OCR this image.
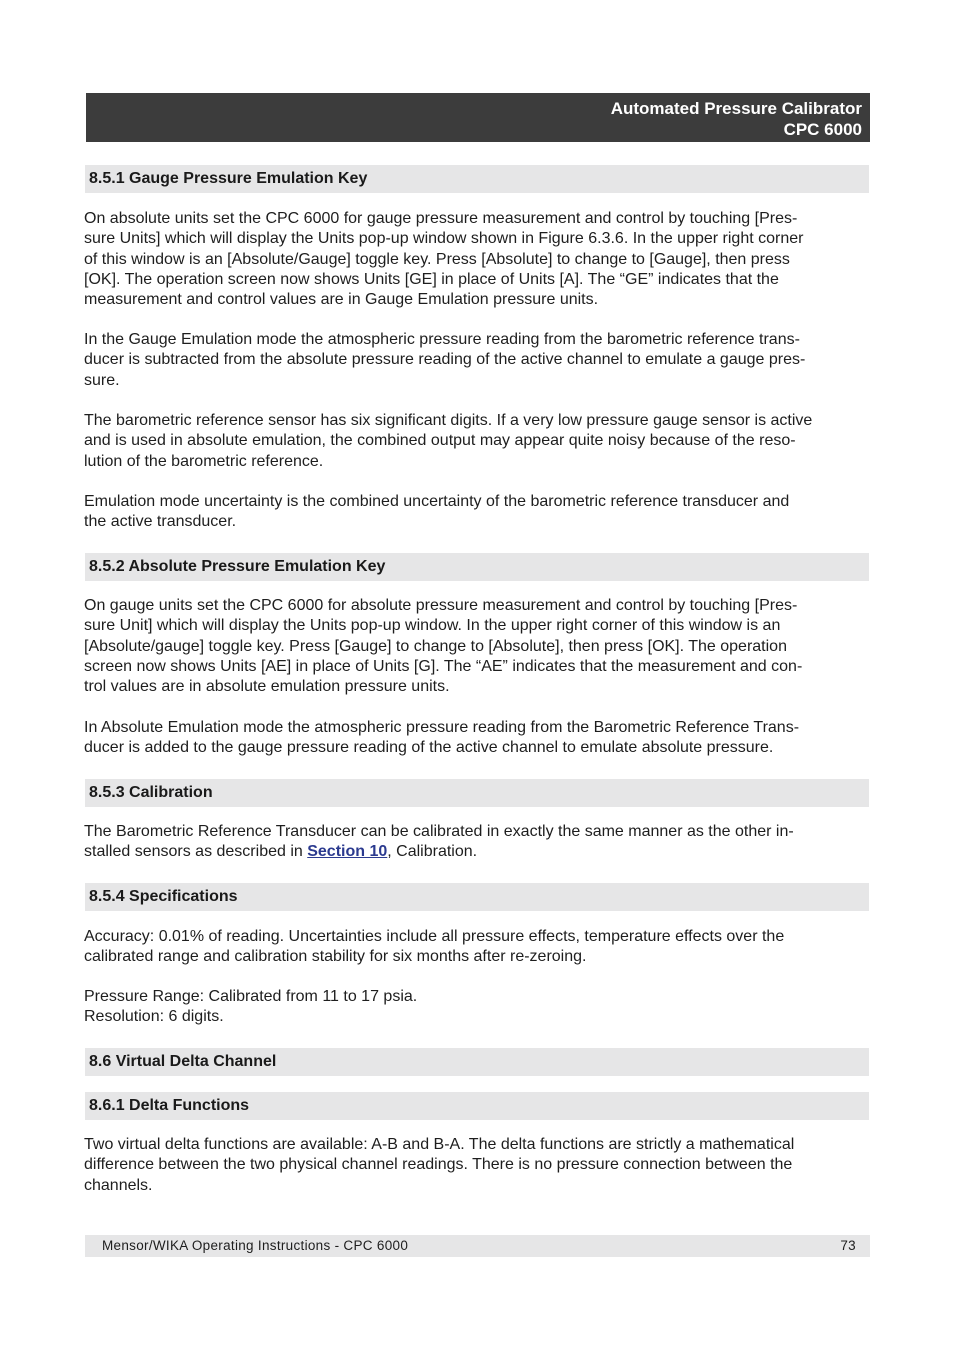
Automated Pressure Calibrator
CPC 6000
8.5.1 Gauge Pressure Emulation Key

On absolute units set the CPC 6000 for gauge pressure measurement and control by touching [Pres-
sure Units] which will display the Units pop-up window shown in Figure 6.3.6. In the upper right corner
of this window is an [Absolute/Gauge] toggle key. Press [Absolute] to change to [Gauge], then press
[OK]. The operation screen now shows Units [GE] in place of Units [A]. The “GE” indicates that the
measurement and control values are in Gauge Emulation pressure units.

In the Gauge Emulation mode the atmospheric pressure reading from the barometric reference trans-
ducer is subtracted from the absolute pressure reading of the active channel to emulate a gauge pres-
sure.

The barometric reference sensor has six significant digits. If a very low pressure gauge sensor is active
and is used in absolute emulation, the combined output may appear quite noisy because of the reso-
lution of the barometric reference.

Emulation mode uncertainty is the combined uncertainty of the barometric reference transducer and
the active transducer.

8.5.2 Absolute Pressure Emulation Key

On gauge units set the CPC 6000 for absolute pressure measurement and control by touching [Pres-
sure Unit] which will display the Units pop-up window. In the upper right corner of this window is an
[Absolute/gauge] toggle key. Press [Gauge] to change to [Absolute], then press [OK]. The operation
screen now shows Units [AE] in place of Units [G]. The “AE” indicates that the measurement and con-
trol values are in absolute emulation pressure units.

In Absolute Emulation mode the atmospheric pressure reading from the Barometric Reference Trans-
ducer is added to the gauge pressure reading of the active channel to emulate absolute pressure.

8.5.3 Calibration

The Barometric Reference Transducer can be calibrated in exactly the same manner as the other in-
stalled sensors as described in Section 10, Calibration.

8.5.4 Specifications

Accuracy: 0.01% of reading. Uncertainties include all pressure effects, temperature effects over the
calibrated range and calibration stability for six months after re-zeroing.

Pressure Range: Calibrated from 11 to 17 psia.
Resolution: 6 digits.

8.6 Virtual Delta Channel
8.6.1 Delta Functions

Two virtual delta functions are available: A-B and B-A. The delta functions are strictly a mathematical
difference between the two physical channel readings. There is no pressure connection between the
channels.

Mensor/WIKA Operating Instructions - CPC 6000	73
